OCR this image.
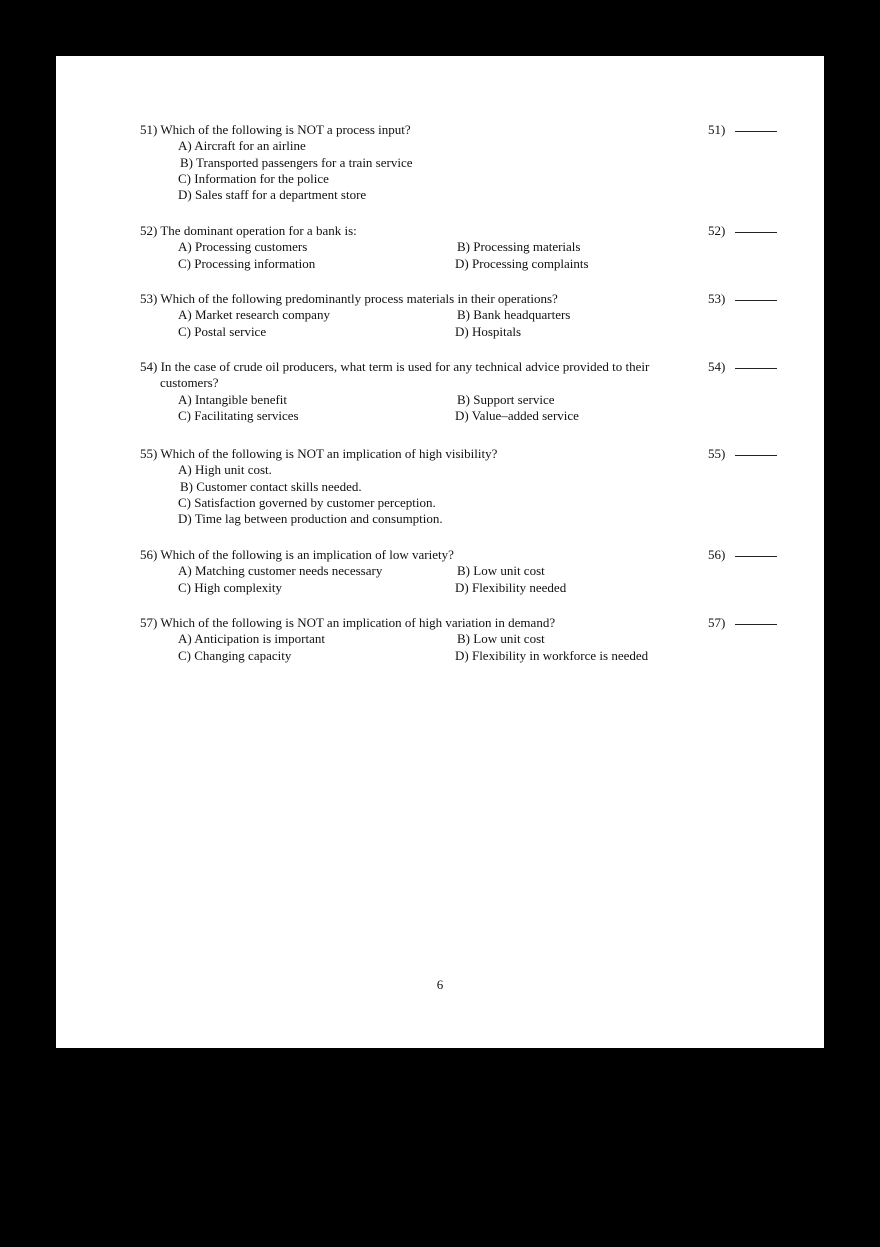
51) Which of the following is NOT a process input?
A) Aircraft for an airline
B) Transported passengers for a train service
C) Information for the police
D) Sales staff for a department store
51)
52) The dominant operation for a bank is:
A) Processing customers	B) Processing materials
C) Processing information	D) Processing complaints
52)
53) Which of the following predominantly process materials in their operations?
A) Market research company	B) Bank headquarters
C) Postal service	D) Hospitals
53)
54) In the case of crude oil producers, what term is used for any technical advice provided to their customers?
A) Intangible benefit	B) Support service
C) Facilitating services	D) Value–added service
54)
55) Which of the following is NOT an implication of high visibility?
A) High unit cost.
B) Customer contact skills needed.
C) Satisfaction governed by customer perception.
D) Time lag between production and consumption.
55)
56) Which of the following is an implication of low variety?
A) Matching customer needs necessary	B) Low unit cost
C) High complexity	D) Flexibility needed
56)
57) Which of the following is NOT an implication of high variation in demand?
A) Anticipation is important	B) Low unit cost
C) Changing capacity	D) Flexibility in workforce is needed
57)
6
